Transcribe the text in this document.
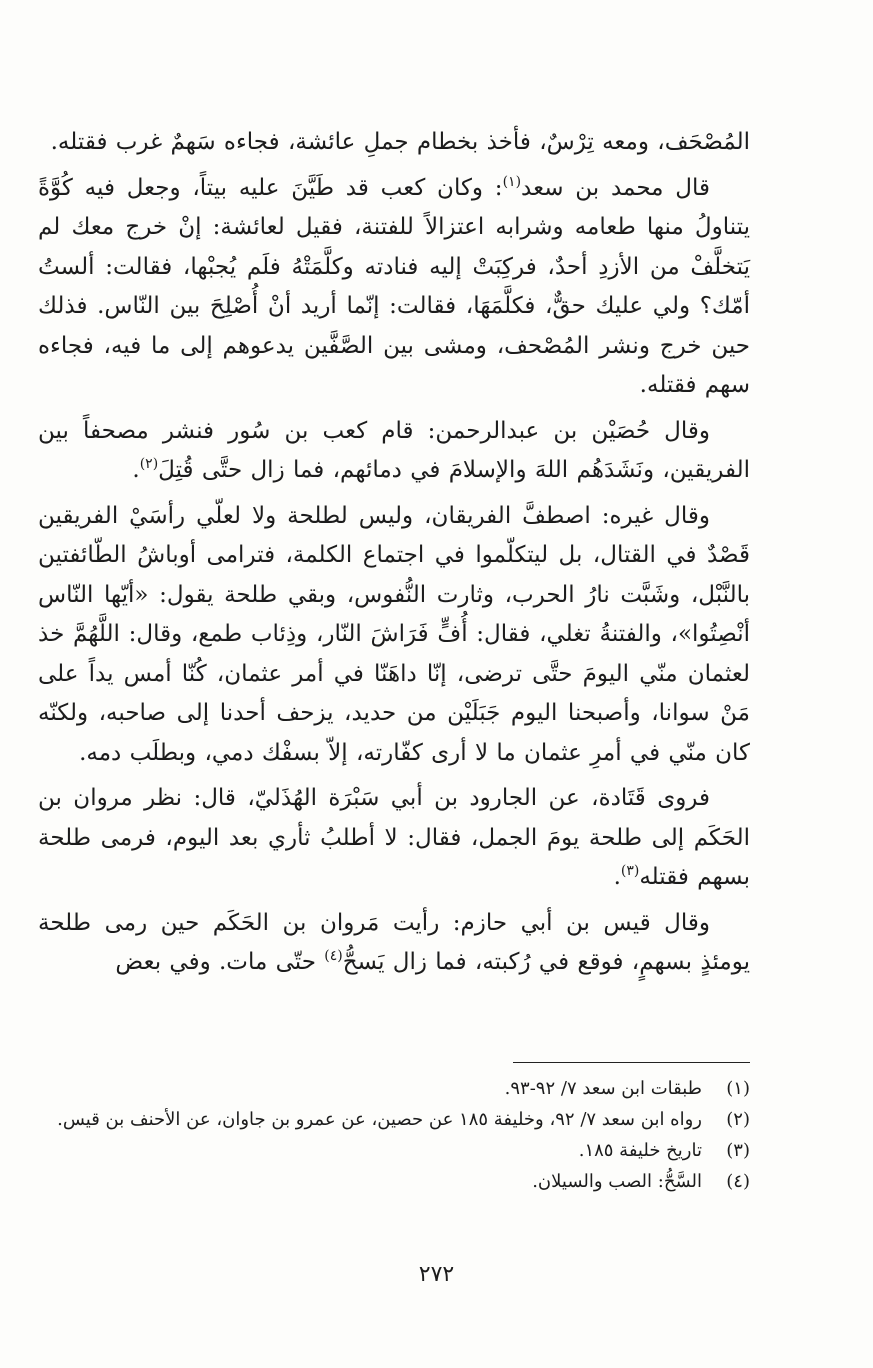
المُصْحَف، ومعه تِرْسٌ، فأخذ بخطام جملِ عائشة، فجاءه سَهمٌ غرب فقتله.

قال محمد بن سعد$^{(١)}$: وكان كعب قد طَيَّنَ عليه بيتاً، وجعل فيه كُوَّةً يتناولُ منها طعامه وشرابه اعتزالاً للفتنة، فقيل لعائشة: إنْ خرج معك لم يَتخلَّفْ من الأزدِ أحدٌ، فركِبَتْ إليه فنادته وكلَّمَتْهُ فلَم يُجبْها، فقالت: ألستُ أمّك؟ ولي عليك حقٌّ، فكلَّمَهَا، فقالت: إنّما أريد أنْ أُصْلِحَ بين النّاس. فذلك حين خرج ونشر المُصْحف، ومشى بين الصَّفَّين يدعوهم إلى ما فيه، فجاءه سهم فقتله.

وقال حُصَيْن بن عبدالرحمن: قام كعب بن سُور فنشر مصحفاً بين الفريقين، ونَشَدَهُم اللهَ والإسلامَ في دمائهم، فما زال حتَّى قُتِلَ$^{(٢)}$.

وقال غيره: اصطفَّ الفريقان، وليس لطلحة ولا لعلّي رأسَيْ الفريقين قَصْدٌ في القتال، بل ليتكلّموا في اجتماع الكلمة، فترامى أوباشُ الطّائفتين بالنَّبْل، وشَبَّت نارُ الحرب، وثارت النُّفوس، وبقي طلحة يقول: «أيّها النّاس أنْصِتُوا»، والفتنةُ تغلي، فقال: أُفٍّ فَرَاشَ النّار، وذِئاب طمع، وقال: اللَّهُمَّ خذ لعثمان منّي اليومَ حتَّى ترضى، إنّا داهَنّا في أمر عثمان، كُنّا أمس يداً على مَنْ سوانا، وأصبحنا اليوم جَبَلَيْن من حديد، يزحف أحدنا إلى صاحبه، ولكنّه كان منّي في أمرِ عثمان ما لا أرى كفّارته، إلاّ بسفْك دمي، وبطلَب دمه.

فروى قَتَادة، عن الجارود بن أبي سَبْرَة الهُذَليّ، قال: نظر مروان بن الحَكَم إلى طلحة يومَ الجمل، فقال: لا أطلبُ ثأري بعد اليوم، فرمى طلحة بسهم فقتله$^{(٣)}$.

وقال قيس بن أبي حازم: رأيت مَروان بن الحَكَم حين رمى طلحة يومئذٍ بسهمٍ، فوقع في رُكبته، فما زال يَسحُّ$^{(٤)}$ حتّى مات. وفي بعض

(١)
طبقات ابن سعد ٧/ ٩٢-٩٣.
(٢)
رواه ابن سعد ٧/ ٩٢، وخليفة ١٨٥ عن حصين، عن عمرو بن جاوان، عن الأحنف بن قيس.
(٣)
تاريخ خليفة ١٨٥.
(٤)
السَّحُّ: الصب والسيلان.
٢٧٢
